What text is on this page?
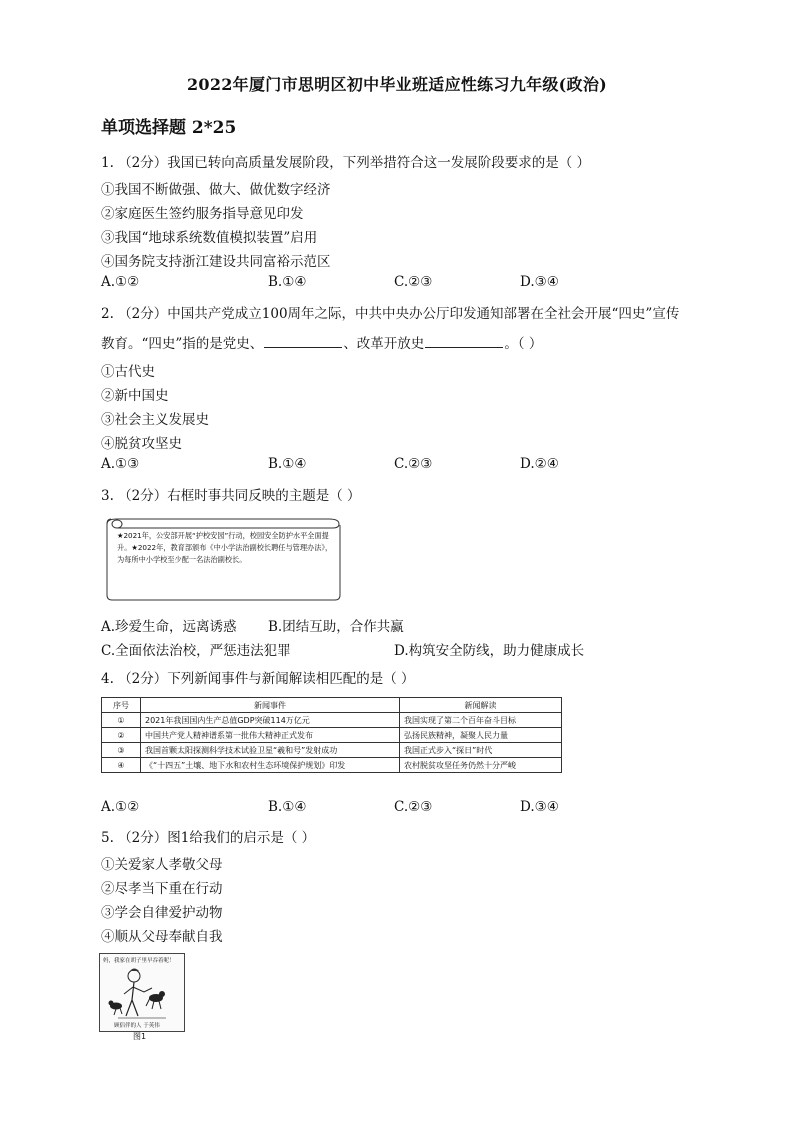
2022年厦门市思明区初中毕业班适应性练习九年级(政治)
单项选择题 2*25
1. （2分）我国已转向高质量发展阶段，下列举措符合这一发展阶段要求的是（ ）
①我国不断做强、做大、做优数字经济
②家庭医生签约服务指导意见印发
③我国“地球系统数值模拟装置”启用
④国务院支持浙江建设共同富裕示范区
A.①②	B.①④	C.②③	D.③④
2. （2分）中国共产党成立100周年之际，中共中央办公厅印发通知部署在全社会开展“四史”宣传
教育。“四史”指的是党史、	、改革开放史	。（ ）
①古代史
②新中国史
③社会主义发展史
④脱贫攻坚史
A.①③	B.①④	C.②③	D.②④
3. （2分）右框时事共同反映的主题是（ ）
★2021年，公安部开展“护校安园”行动，校园安全防护水平全面提升。★2022年，教育部颁布《中小学法治副校长聘任与管理办法》，为每所中小学校至少配一名法治副校长。
A.珍爱生命，远离诱惑 B.团结互助，合作共赢
C.全面依法治校，严惩违法犯罪	D.构筑安全防线，助力健康成长
4. （2分）下列新闻事件与新闻解读相匹配的是（ ）
序号	新闻事件	新闻解读
①	2021年我国国内生产总值GDP突破114万亿元	我国实现了第二个百年奋斗目标
②	中国共产党人精神谱系第一批伟大精神正式发布	弘扬民族精神，凝聚人民力量
③	我国首颗太阳探测科学技术试验卫星“羲和号”发射成功	我国正式步入“探日”时代
④	《“十四五”土壤、地下水和农村生态环境保护规划》印发	农村脱贫攻坚任务仍然十分严峻
A.①②	B.①④	C.②③	D.③④
5. （2分）图1给我们的启示是（ ）
①关爱家人孝敬父母
②尽孝当下重在行动
③学会自律爱护动物
④顺从父母奉献自我
妈，我家在胡子里早吞着呢！
顾侣伴的人 于英伟
图1
